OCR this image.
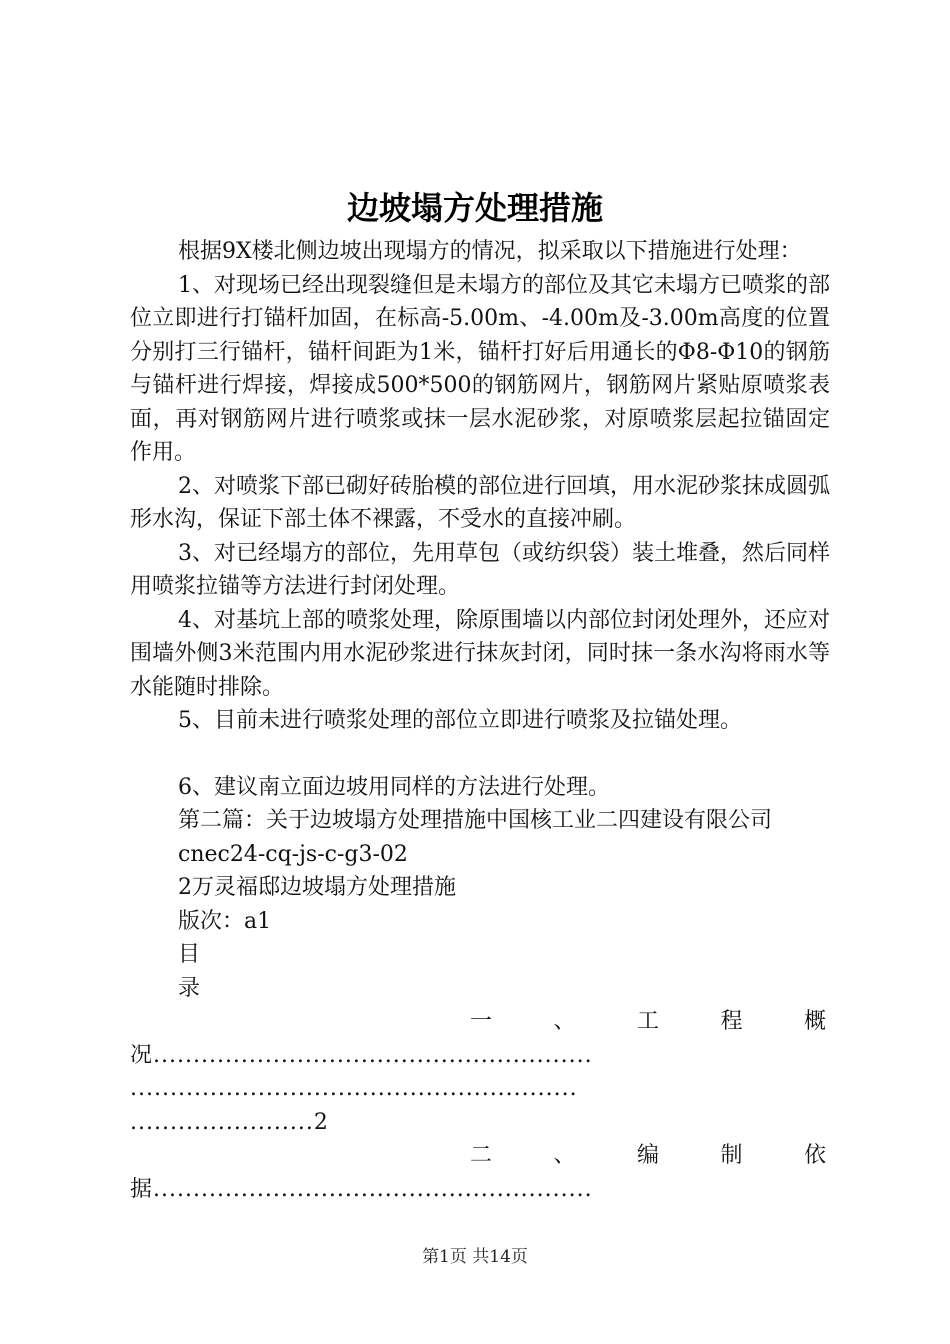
边坡塌方处理措施

根据9X楼北侧边坡出现塌方的情况，拟采取以下措施进行处理：

1、对现场已经出现裂缝但是未塌方的部位及其它未塌方已喷浆的部位立即进行打锚杆加固，在标高-5.00m、-4.00m及-3.00m高度的位置分别打三行锚杆，锚杆间距为1米，锚杆打好后用通长的Φ8-Φ10的钢筋与锚杆进行焊接，焊接成500*500的钢筋网片，钢筋网片紧贴原喷浆表面，再对钢筋网片进行喷浆或抹一层水泥砂浆，对原喷浆层起拉锚固定作用。

2、对喷浆下部已砌好砖胎模的部位进行回填，用水泥砂浆抹成圆弧形水沟，保证下部土体不裸露，不受水的直接冲刷。

3、对已经塌方的部位，先用草包（或纺织袋）装土堆叠，然后同样用喷浆拉锚等方法进行封闭处理。

4、对基坑上部的喷浆处理，除原围墙以内部位封闭处理外，还应对围墙外侧3米范围内用水泥砂浆进行抹灰封闭，同时抹一条水沟将雨水等水能随时排除。

5、目前未进行喷浆处理的部位立即进行喷浆及拉锚处理。

6、建议南立面边坡用同样的方法进行处理。

第二篇：关于边坡塌方处理措施中国核工业二四建设有限公司

cnec24-cq-js-c-g3-02

2万灵福邸边坡塌方处理措施

版次：a1

目

录

一	、	工	程	概

况.......................................................

........................................................

.......................2

二	、	编	制	依

据.......................................................

第1页 共14页
